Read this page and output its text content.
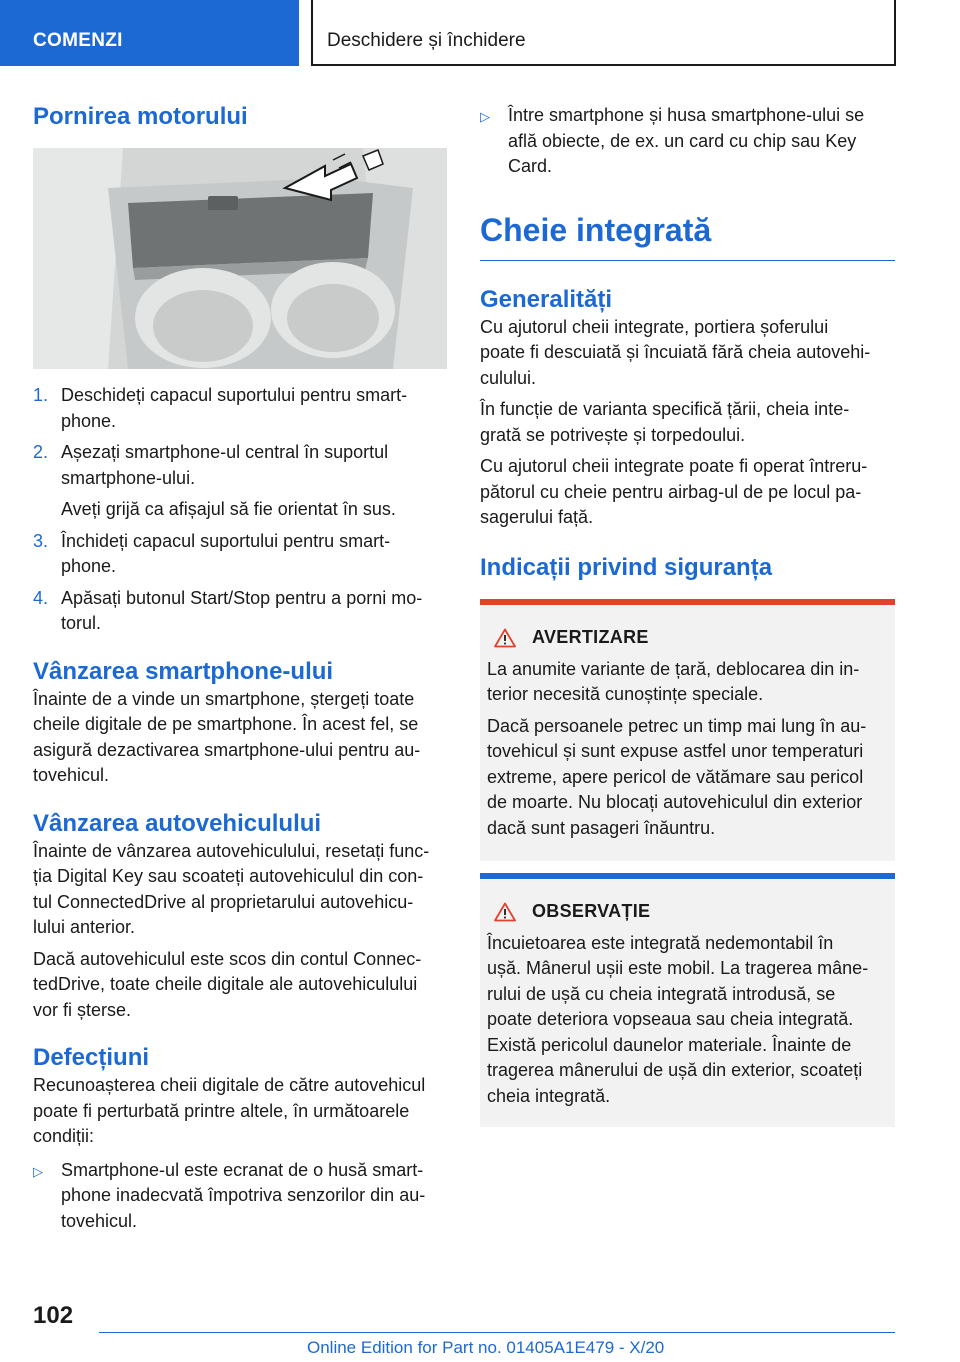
COMENZI	Deschidere și închidere
Pornirea motorului
1. Deschideți capacul suportului pentru smart-
phone.
2. Așezați smartphone-ul central în suportul
smartphone-ului.
Aveți grijă ca afișajul să fie orientat în sus.
3. Închideți capacul suportului pentru smart-
phone.
4. Apăsați butonul Start/Stop pentru a porni mo-
torul.
Vânzarea smartphone-ului

Înainte de a vinde un smartphone, ștergeți toate
cheile digitale de pe smartphone. În acest fel, se
asigură dezactivarea smartphone-ului pentru au-
tovehicul.

Vânzarea autovehiculului

Înainte de vânzarea autovehiculului, resetați func-
ția Digital Key sau scoateți autovehiculul din con-
tul ConnectedDrive al proprietarului autovehicu-
lului anterior.

Dacă autovehiculul este scos din contul Connec-
tedDrive, toate cheile digitale ale autovehiculului
vor fi șterse.

Defecțiuni

Recunoașterea cheii digitale de către autovehicul
poate fi perturbată printre altele, în următoarele
condiții:

▷ Smartphone-ul este ecranat de o husă smart-
phone inadecvată împotriva senzorilor din au-
tovehicul.
▷ Între smartphone și husa smartphone-ului se
află obiecte, de ex. un card cu chip sau Key
Card.
Cheie integrată
Generalități

Cu ajutorul cheii integrate, portiera șoferului
poate fi descuiată și încuiată fără cheia autovehi-
culului.

În funcție de varianta specifică țării, cheia inte-
grată se potrivește și torpedoului.

Cu ajutorul cheii integrate poate fi operat întreru-
pătorul cu cheie pentru airbag-ul de pe locul pa-
sagerului față.

Indicații privind siguranța
AVERTIZARE

La anumite variante de țară, deblocarea din in-
terior necesită cunoștințe speciale.

Dacă persoanele petrec un timp mai lung în au-
tovehicul și sunt expuse astfel unor temperaturi
extreme, apere pericol de vătămare sau pericol
de moarte. Nu blocați autovehiculul din exterior
dacă sunt pasageri înăuntru.

OBSERVAȚIE

Încuietoarea este integrată nedemontabil în
ușă. Mânerul ușii este mobil. La tragerea mâne-
rului de ușă cu cheia integrată introdusă, se
poate deteriora vopseaua sau cheia integrată.
Există pericolul daunelor materiale. Înainte de
tragerea mânerului de ușă din exterior, scoateți
cheia integrată.

102
Online Edition for Part no. 01405A1E479 - X/20
